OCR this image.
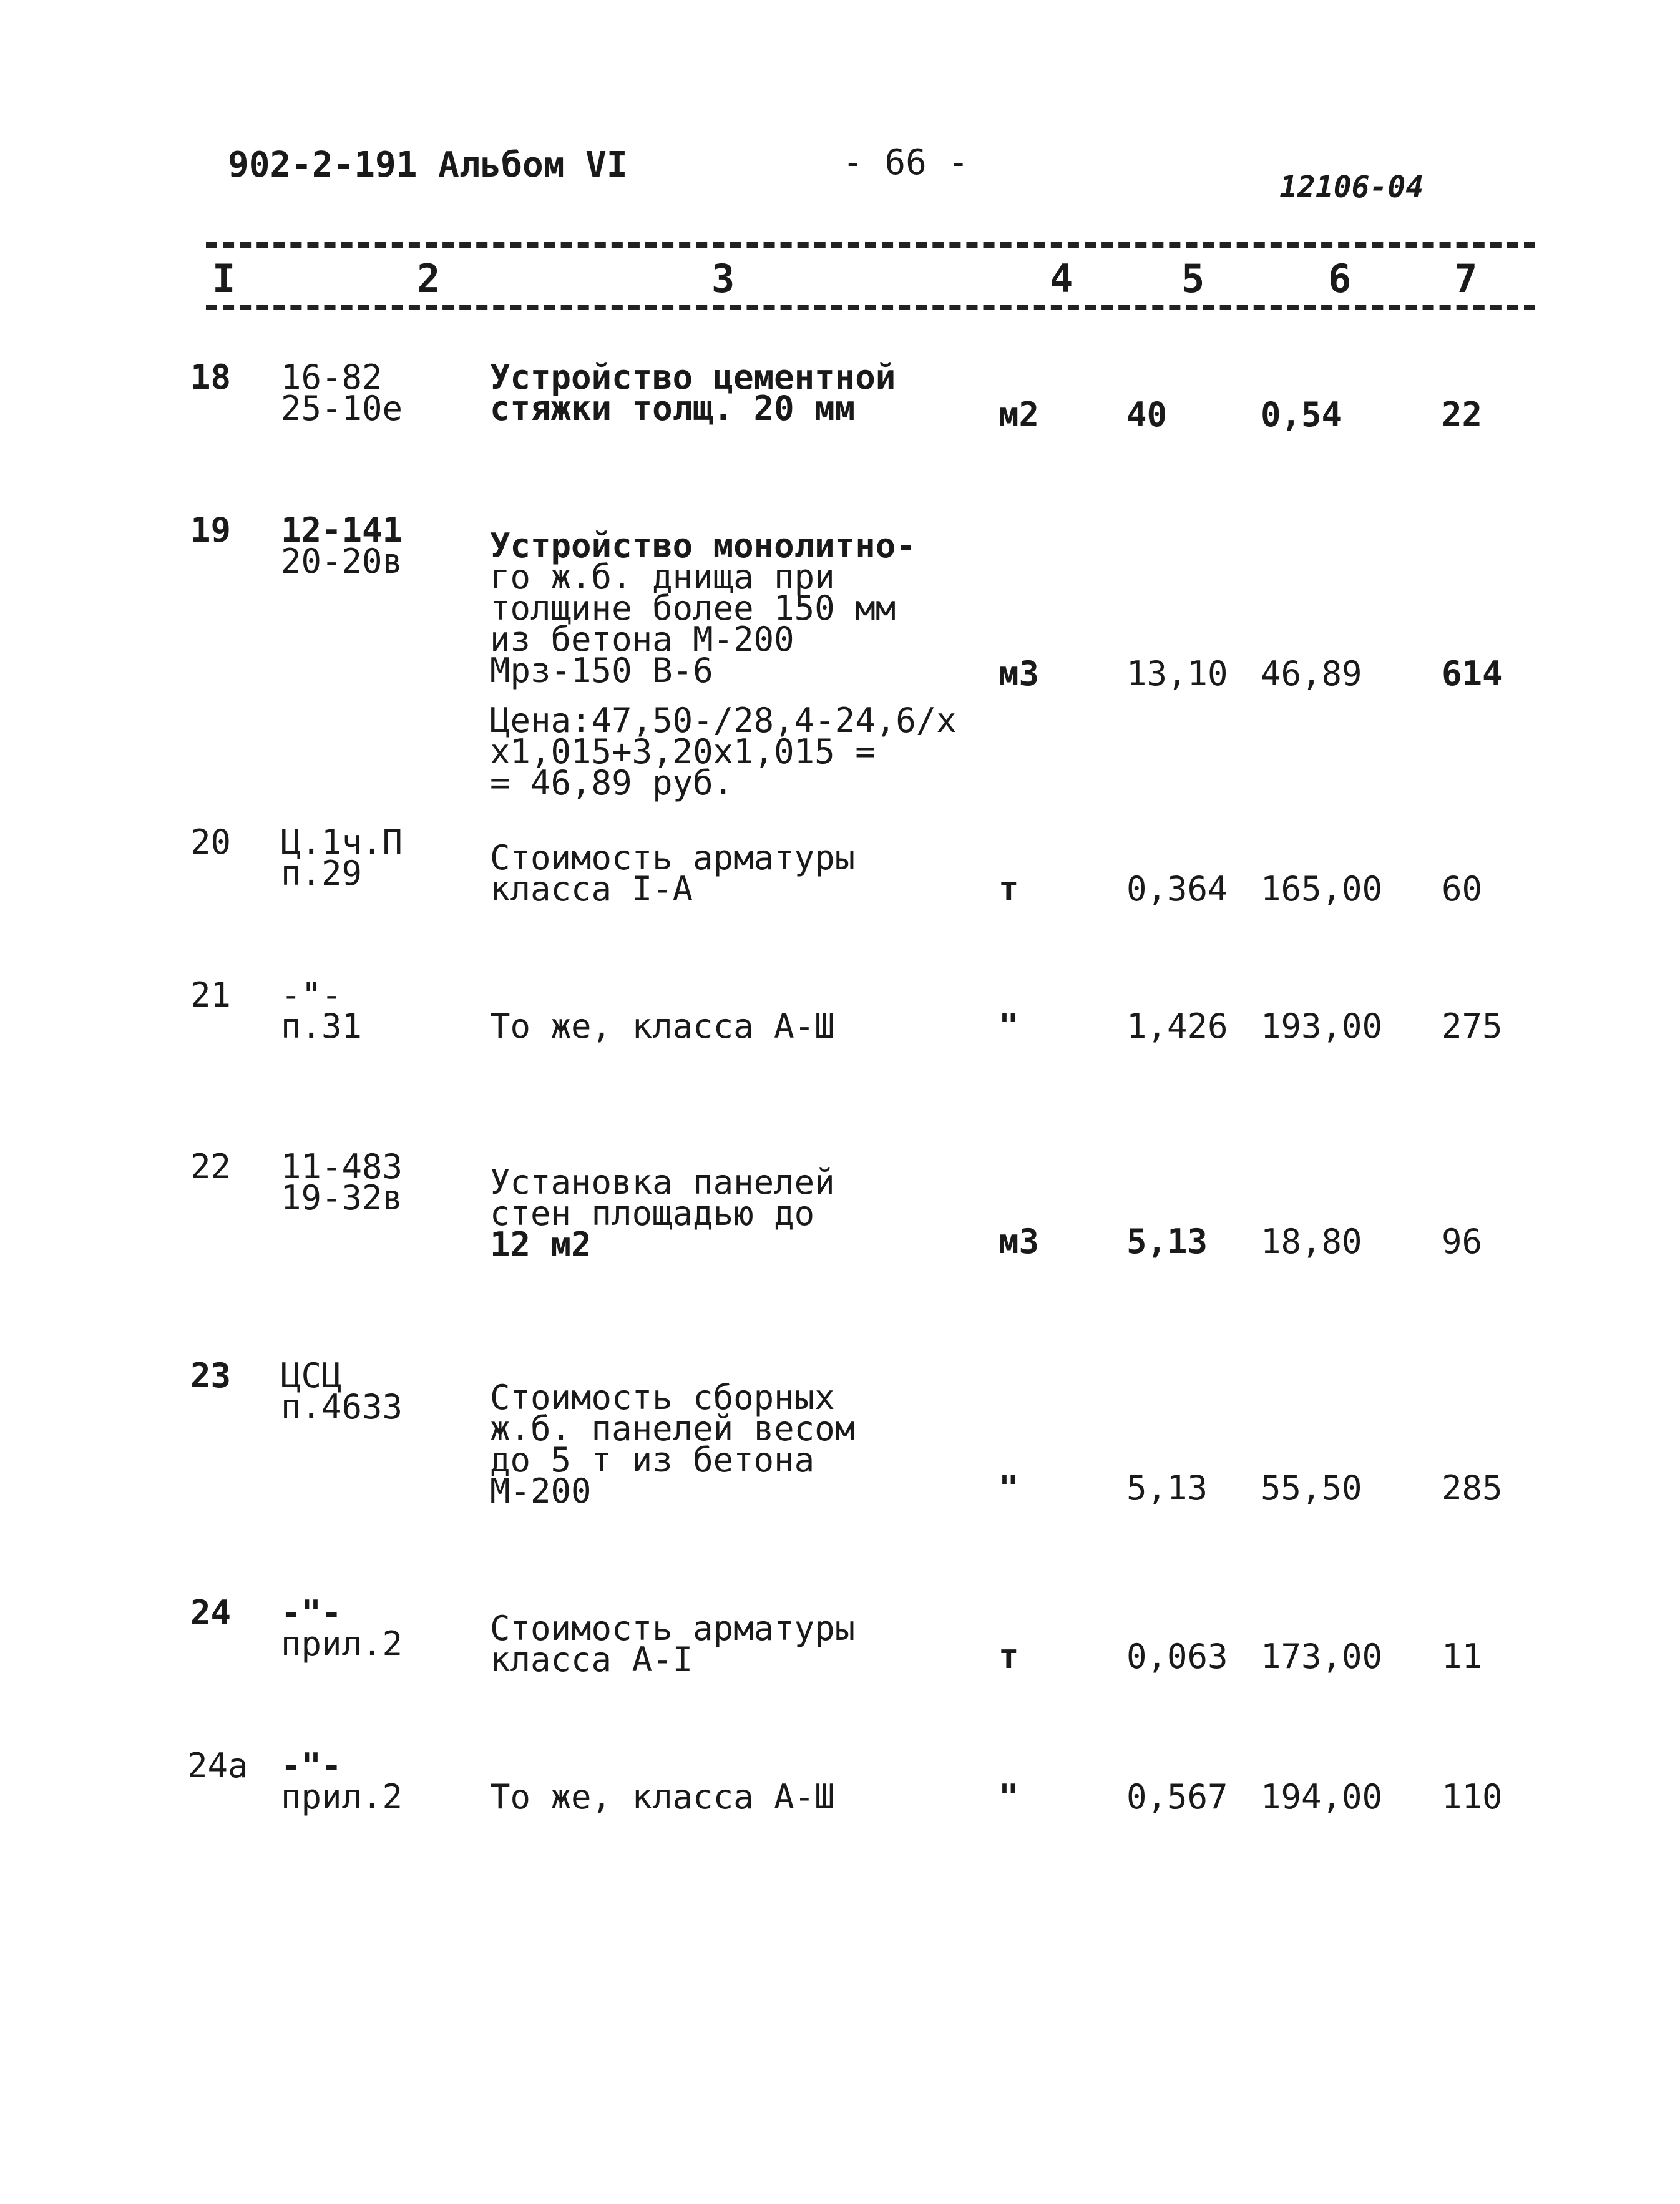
902-2-191 Альбом VI	- 66 -
12106-04
I	2	3	4	5	6	7
18 16-82
25-10е
Устройство цементной
стяжки толщ. 20 мм	м2	40	0,54	22
19 12-141
20-20в	Устройство монолитно-
го ж.б. днища при
толщине более 150 мм
из бетона М-200
Мрз-150 В-6
Цена:47,50-/28,4-24,6/х
х1,015+3,20х1,015 =
= 46,89 руб.
м3	13,10 46,89 614
20 Ц.1ч.П
п.29	Стоимость арматуры
класса I-А	т	0,364 165,00 60
21 -"-
п.31	То же, класса А-Ш	"	1,426 193,00 275
22 11-483
19-32в	Установка панелей
стен площадью до
12 м2	м3	5,13 18,80 96
23 ЦСЦ
п.4633	Стоимость сборных
ж.б. панелей весом
до 5 т из бетона
М-200	"	5,13 55,50 285
24 -"-
прил.2	Стоимость арматуры
класса А-I	т	0,063 173,00 11
24а -"-
прил.2	То же, класса А-Ш	"	0,567 194,00 110
